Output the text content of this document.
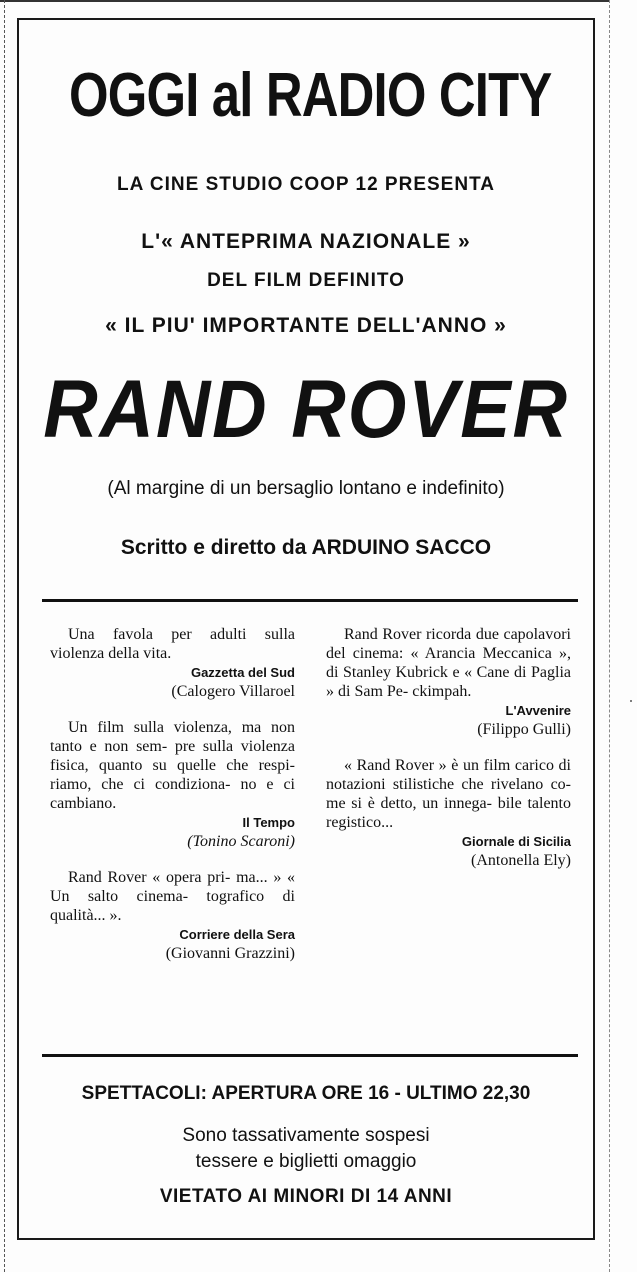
OGGI al RADIO CITY
LA CINE STUDIO COOP 12 PRESENTA
L'« ANTEPRIMA NAZIONALE »
DEL FILM DEFINITO
« IL PIU' IMPORTANTE DELL'ANNO »
RAND ROVER
(Al margine di un bersaglio lontano e indefinito)
Scritto e diretto da ARDUINO SACCO
Una favola per adulti sulla violenza della vita.
Gazzetta del Sud
(Calogero Villaroel
Un film sulla violenza, ma non tanto e non sem- pre sulla violenza fisica, quanto su quelle che respi- riamo, che ci condiziona- no e ci cambiano.
Il Tempo
(Tonino Scaroni)
Rand Rover « opera pri- ma... » « Un salto cinema- tografico di qualità... ».
Corriere della Sera
(Giovanni Grazzini)
Rand Rover ricorda due capolavori del cinema: « Arancia Meccanica », di Stanley Kubrick e « Cane di Paglia » di Sam Pe- ckimpah.
L'Avvenire
(Filippo Gulli)
« Rand Rover » è un film carico di notazioni stilistiche che rivelano co- me si è detto, un innega- bile talento registico...
Giornale di Sicilia
(Antonella Ely)
SPETTACOLI: APERTURA ORE 16 - ULTIMO 22,30
Sono tassativamente sospesi
tessere e biglietti omaggio
VIETATO AI MINORI DI 14 ANNI
